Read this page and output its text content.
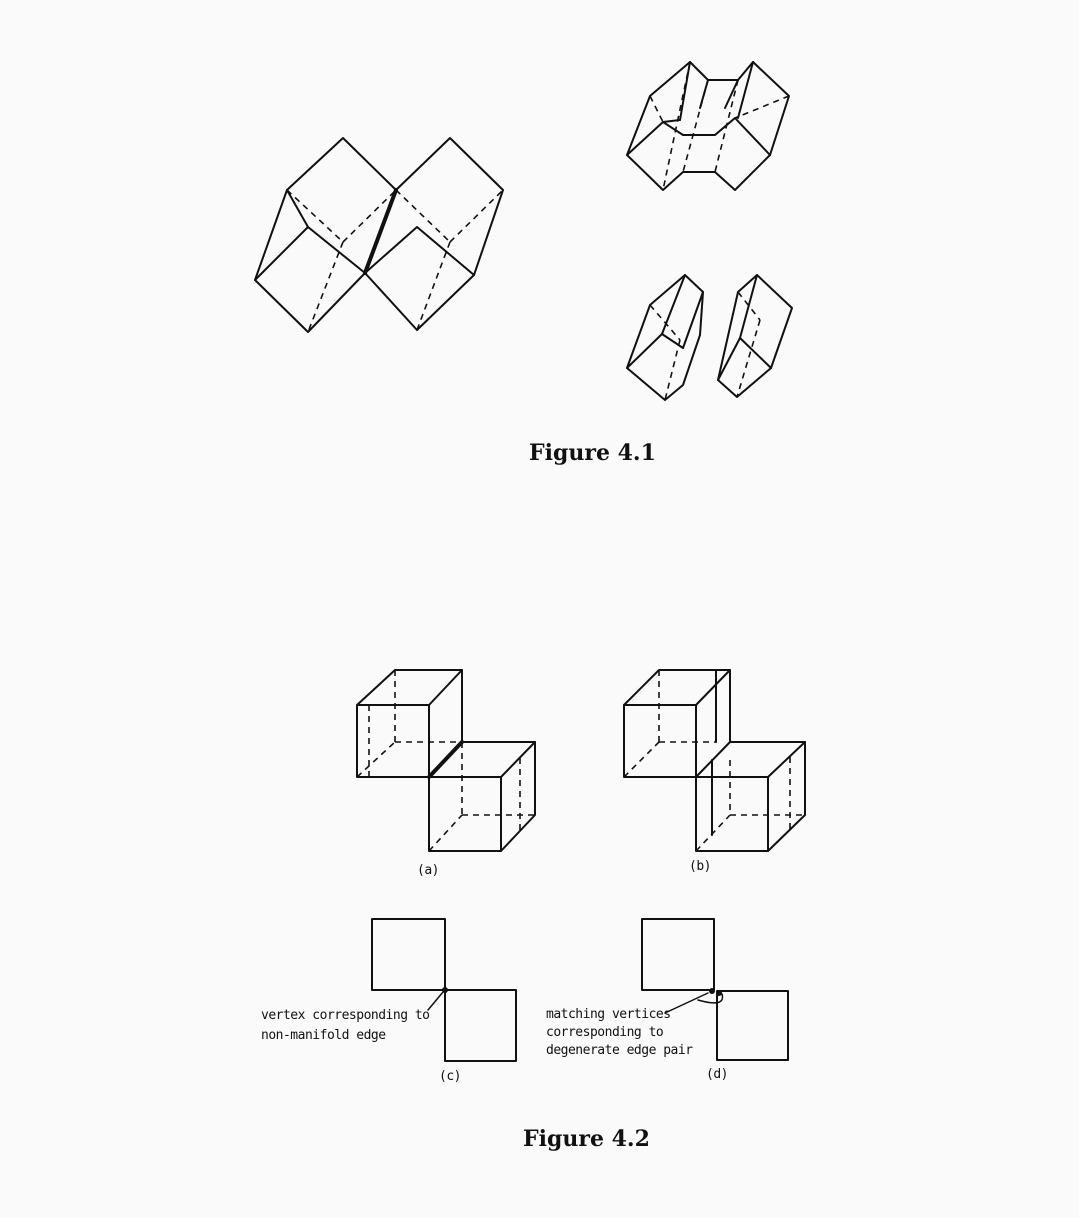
Figure 4.1
Figure 4.2
(a)	(b)
(c)	(d)
vertex corresponding to
non-manifold edge
matching vertices
corresponding to
degenerate edge pair
